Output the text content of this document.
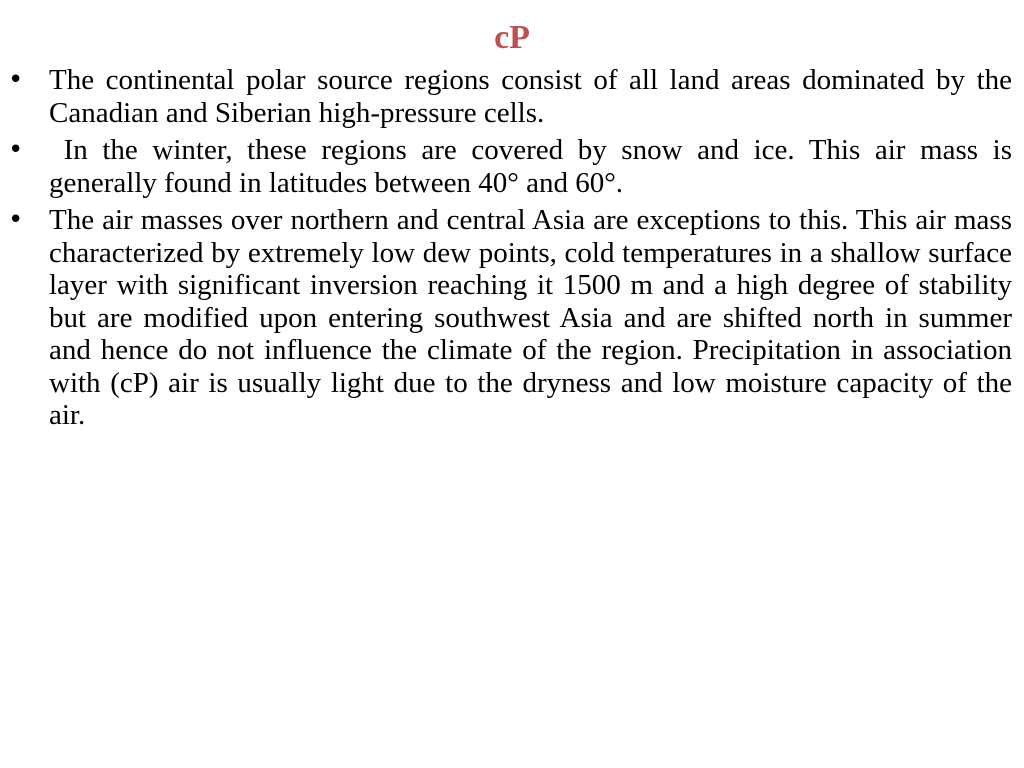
cP
• The continental polar source regions consist of all land areas dominated by the Canadian and Siberian high-pressure cells.
• In the winter, these regions are covered by snow and ice. This air mass is generally found in latitudes between 40° and 60°.
• The air masses over northern and central Asia are exceptions to this. This air mass characterized by extremely low dew points, cold temperatures in a shallow surface layer with significant inversion reaching it 1500 m and a high degree of stability but are modified upon entering southwest Asia and are shifted north in summer and hence do not influence the climate of the region. Precipitation in association with (cP) air is usually light due to the dryness and low moisture capacity of the air.
